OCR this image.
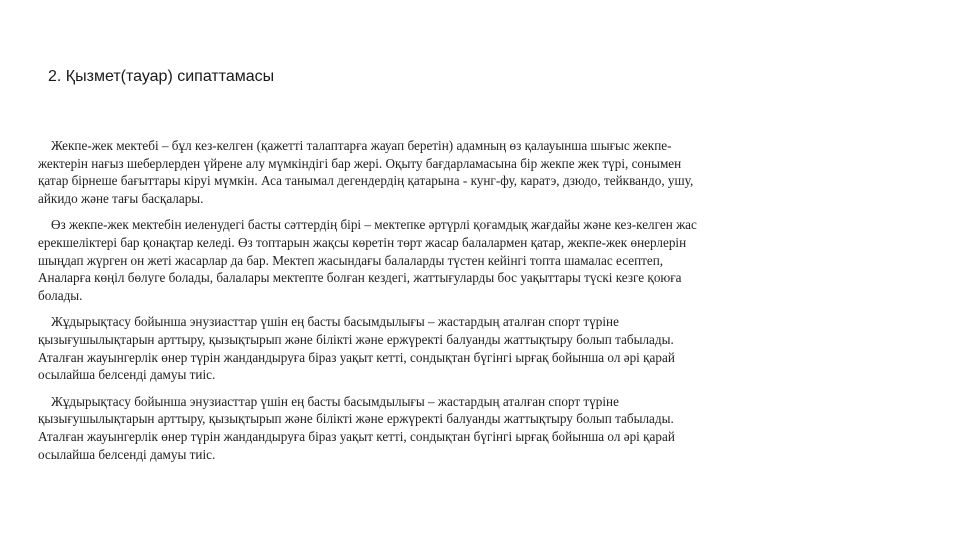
2. Қызмет(тауар) сипаттамасы

Жекпе-жек мектебі – бұл кез-келген (қажетті талаптарға жауап беретін) адамның өз қалауынша шығыс жекпе-
жектерін нағыз шеберлерден үйрене алу мүмкіндігі бар жері. Оқыту бағдарламасына бір жекпе жек түрі, сонымен
қатар бірнеше бағыттары кіруі мүмкін. Аса танымал дегендердің қатарына - кунг-фу, каратэ, дзюдо, тейквандо, ушу,
айкидо және тағы басқалары.

Өз жекпе-жек мектебін иеленудегі басты сәттердің бірі – мектепке әртүрлі қоғамдық жағдайы және кез-келген жас
ерекшеліктері бар қонақтар келеді. Өз топтарын жақсы көретін төрт жасар балалармен қатар, жекпе-жек өнерлерін
шыңдап жүрген он жеті жасарлар да бар. Мектеп жасындағы балаларды түстен кейінгі топта шамалас есептеп,
Аналарға көңіл бөлуге болады, балалары мектепте болған кездегі, жаттығуларды бос уақыттары түскі кезге қоюға
болады.

Жұдырықтасу бойынша энузиасттар үшін ең басты басымдылығы – жастардың аталған спорт түріне
қызығушылықтарын арттыру, қызықтырып және білікті және ержүректі балуанды жаттықтыру болып табылады.
Аталған жауынгерлік өнер түрін жандандыруға біраз уақыт кетті, сондықтан бүгінгі ырғақ бойынша ол әрі қарай
осылайша белсенді дамуы тиіс.

Жұдырықтасу бойынша энузиасттар үшін ең басты басымдылығы – жастардың аталған спорт түріне
қызығушылықтарын арттыру, қызықтырып және білікті және ержүректі балуанды жаттықтыру болып табылады.
Аталған жауынгерлік өнер түрін жандандыруға біраз уақыт кетті, сондықтан бүгінгі ырғақ бойынша ол әрі қарай
осылайша белсенді дамуы тиіс.
